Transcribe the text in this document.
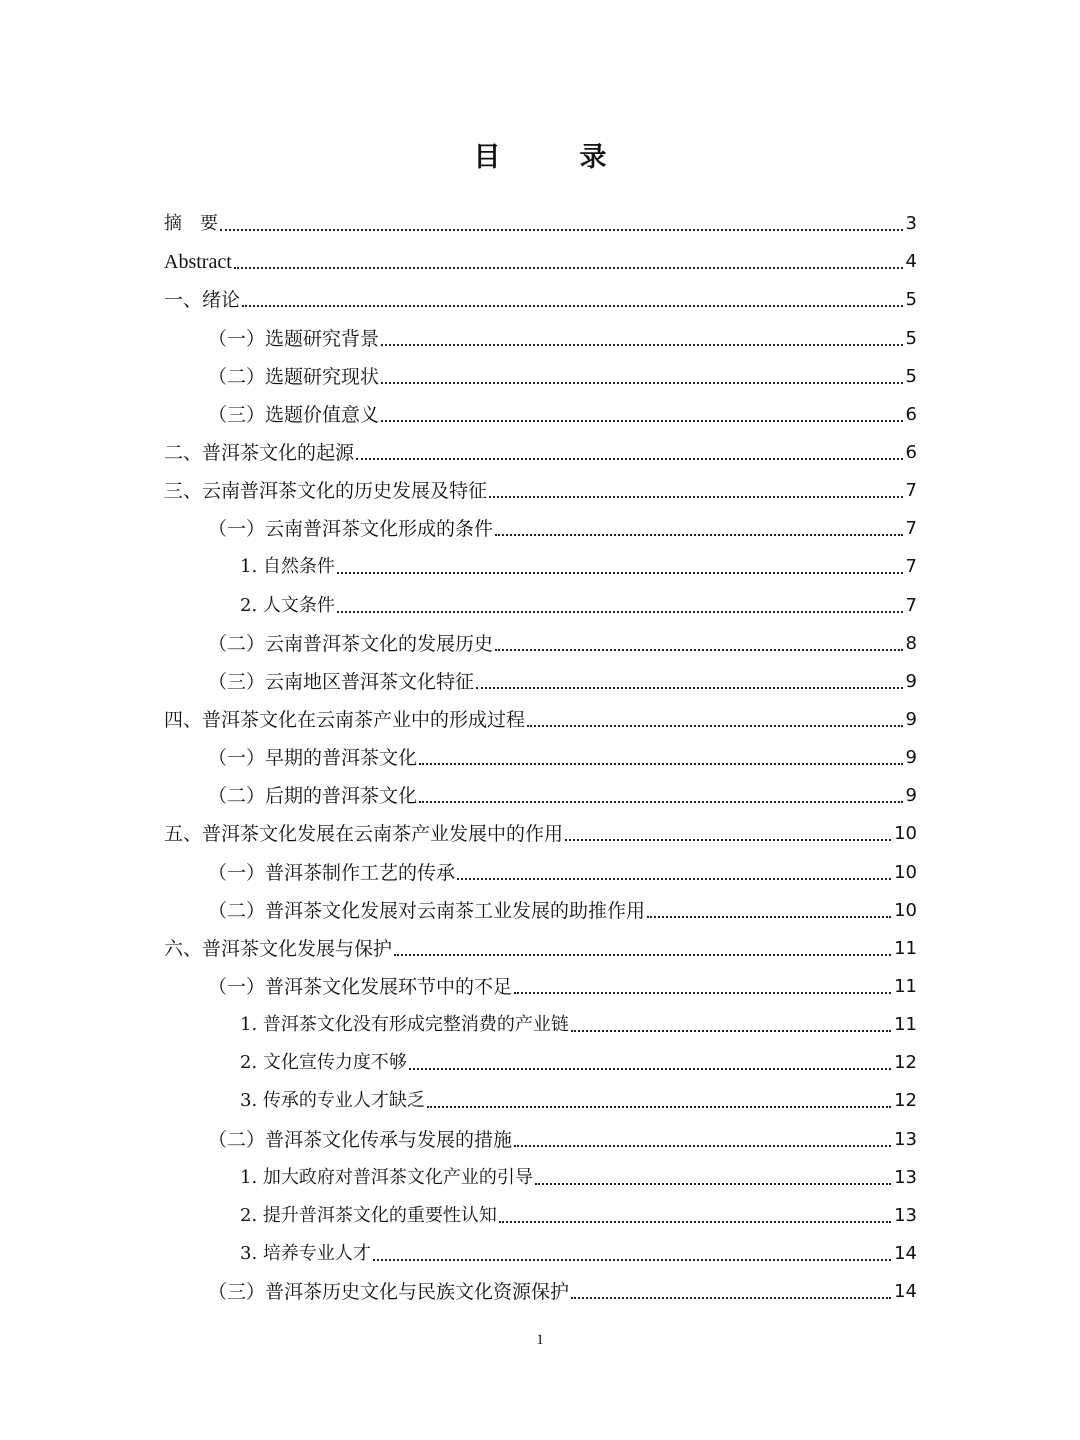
目　录
摘　要	3
Abstract	4
一、绪论	5
（一）选题研究背景	5
（二）选题研究现状	5
（三）选题价值意义	6
二、普洱茶文化的起源	6
三、云南普洱茶文化的历史发展及特征	7
（一）云南普洱茶文化形成的条件	7
1. 自然条件	7
2. 人文条件	7
（二）云南普洱茶文化的发展历史	8
（三）云南地区普洱茶文化特征	9
四、普洱茶文化在云南茶产业中的形成过程	9
（一）早期的普洱茶文化	9
（二）后期的普洱茶文化	9
五、普洱茶文化发展在云南茶产业发展中的作用	10
（一）普洱茶制作工艺的传承	10
（二）普洱茶文化发展对云南茶工业发展的助推作用	10
六、普洱茶文化发展与保护	11
（一）普洱茶文化发展环节中的不足	11
1. 普洱茶文化没有形成完整消费的产业链	11
2. 文化宣传力度不够	12
3. 传承的专业人才缺乏	12
（二）普洱茶文化传承与发展的措施	13
1. 加大政府对普洱茶文化产业的引导	13
2. 提升普洱茶文化的重要性认知	13
3. 培养专业人才	14
（三）普洱茶历史文化与民族文化资源保护	14
1
